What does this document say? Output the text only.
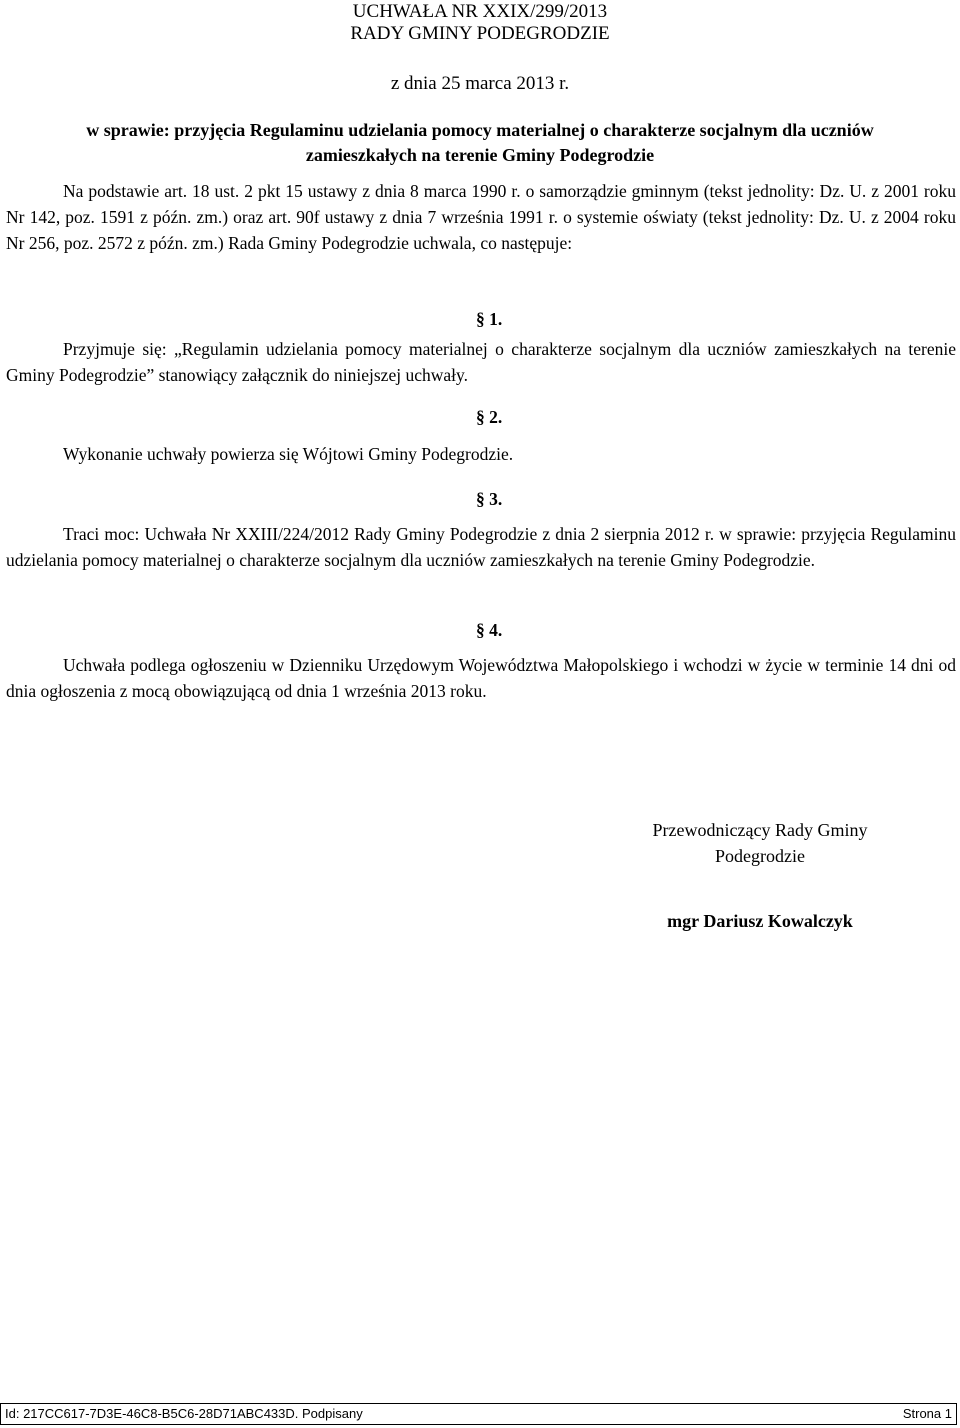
UCHWAŁA NR XXIX/299/2013
RADY GMINY PODEGRODZIE
z dnia 25 marca 2013 r.
w sprawie: przyjęcia Regulaminu udzielania pomocy materialnej o charakterze socjalnym dla uczniów zamieszkałych na terenie Gminy Podegrodzie
Na podstawie art. 18 ust. 2 pkt 15 ustawy z dnia 8 marca 1990 r. o samorządzie gminnym (tekst jednolity: Dz. U. z 2001 roku Nr 142, poz. 1591 z późn. zm.) oraz art. 90f ustawy z dnia 7 września 1991 r. o systemie oświaty (tekst jednolity: Dz. U. z 2004 roku Nr 256, poz. 2572 z późn. zm.) Rada Gminy Podegrodzie uchwala, co następuje:
§ 1.
Przyjmuje się: „Regulamin udzielania pomocy materialnej o charakterze socjalnym dla uczniów zamieszkałych na terenie Gminy Podegrodzie” stanowiący załącznik do niniejszej uchwały.
§ 2.
Wykonanie uchwały powierza się Wójtowi Gminy Podegrodzie.
§ 3.
Traci moc: Uchwała Nr XXIII/224/2012 Rady Gminy Podegrodzie z dnia 2 sierpnia 2012 r. w sprawie: przyjęcia Regulaminu udzielania pomocy materialnej o charakterze socjalnym dla uczniów zamieszkałych na terenie Gminy Podegrodzie.
§ 4.
Uchwała podlega ogłoszeniu w Dzienniku Urzędowym Województwa Małopolskiego i wchodzi w życie w terminie 14 dni od dnia ogłoszenia z mocą obowiązującą od dnia 1 września 2013 roku.
Przewodniczący Rady Gminy
Podegrodzie
mgr Dariusz Kowalczyk
Id: 217CC617-7D3E-46C8-B5C6-28D71ABC433D. Podpisany	Strona 1
